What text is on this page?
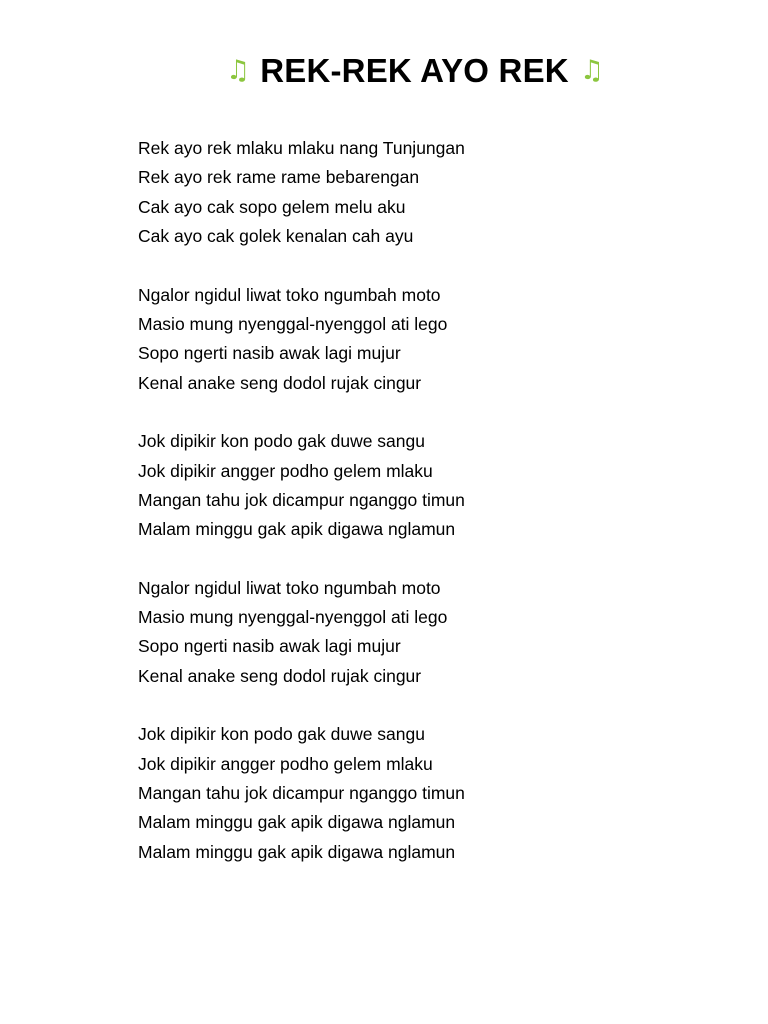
♫ REK-REK AYO REK ♫
Rek ayo rek mlaku mlaku nang Tunjungan
Rek ayo rek rame rame bebarengan
Cak ayo cak sopo gelem melu aku
Cak ayo cak golek kenalan cah ayu
Ngalor ngidul liwat toko ngumbah moto
Masio mung nyenggal-nyenggol ati lego
Sopo ngerti nasib awak lagi mujur
Kenal anake seng dodol rujak cingur
Jok dipikir kon podo gak duwe sangu
Jok dipikir angger podho gelem mlaku
Mangan tahu jok dicampur nganggo timun
Malam minggu gak apik digawa nglamun
Ngalor ngidul liwat toko ngumbah moto
Masio mung nyenggal-nyenggol ati lego
Sopo ngerti nasib awak lagi mujur
Kenal anake seng dodol rujak cingur
Jok dipikir kon podo gak duwe sangu
Jok dipikir angger podho gelem mlaku
Mangan tahu jok dicampur nganggo timun
Malam minggu gak apik digawa nglamun
Malam minggu gak apik digawa nglamun
